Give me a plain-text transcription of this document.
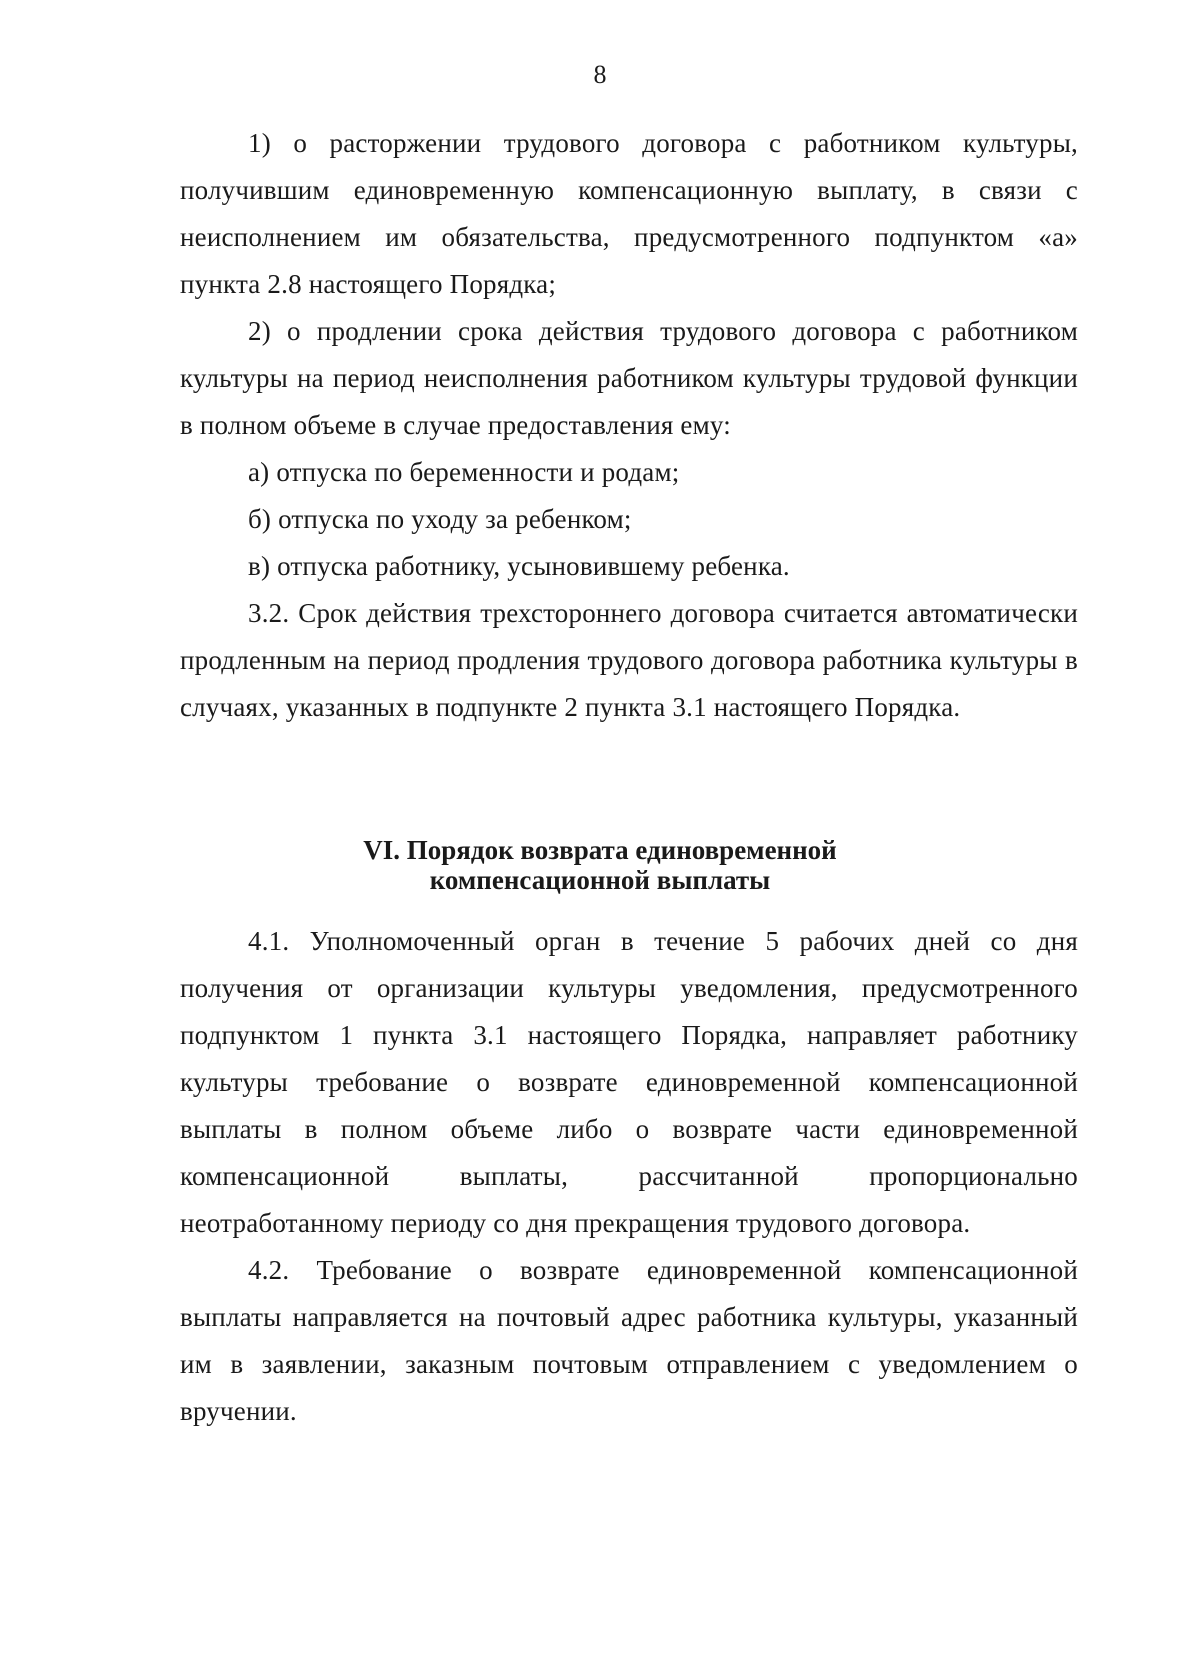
8

1) о расторжении трудового договора с работником культуры, получившим единовременную компенсационную выплату, в связи с неисполнением им обязательства, предусмотренного подпунктом «а» пункта 2.8 настоящего Порядка;

2) о продлении срока действия трудового договора с работником культуры на период неисполнения работником культуры трудовой функции в полном объеме в случае предоставления ему:

а) отпуска по беременности и родам;

б) отпуска по уходу за ребенком;

в) отпуска работнику, усыновившему ребенка.

3.2. Срок действия трехстороннего договора считается автоматически продленным на период продления трудового договора работника культуры в случаях, указанных в подпункте 2 пункта 3.1 настоящего Порядка.

VI. Порядок возврата единовременной
компенсационной выплаты

4.1. Уполномоченный орган в течение 5 рабочих дней со дня получения от организации культуры уведомления, предусмотренного подпунктом 1 пункта 3.1 настоящего Порядка, направляет работнику культуры требование о возврате единовременной компенсационной выплаты в полном объеме либо о возврате части единовременной компенсационной выплаты, рассчитанной пропорционально неотработанному периоду со дня прекращения трудового договора.

4.2. Требование о возврате единовременной компенсационной выплаты направляется на почтовый адрес работника культуры, указанный им в заявлении, заказным почтовым отправлением с уведомлением о вручении.
